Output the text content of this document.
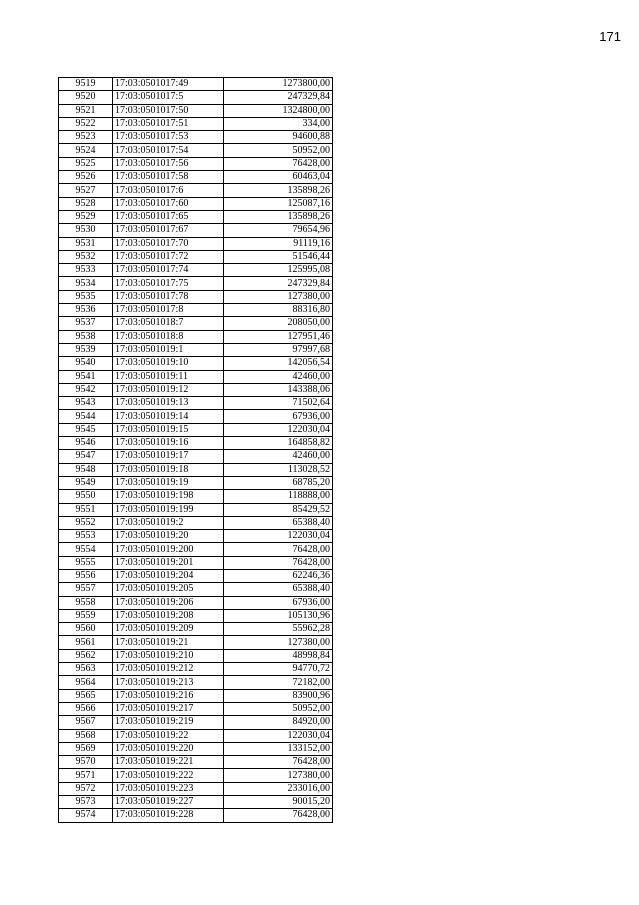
171
9519	17:03:0501017:49	1273800,00
9520	17:03:0501017:5	247329,84
9521	17:03:0501017:50	1324800,00
9522	17:03:0501017:51	334,00
9523	17:03:0501017:53	94600,88
9524	17:03:0501017:54	50952,00
9525	17:03:0501017:56	76428,00
9526	17:03:0501017:58	60463,04
9527	17:03:0501017:6	135898,26
9528	17:03:0501017:60	125087,16
9529	17:03:0501017:65	135898,26
9530	17:03:0501017:67	79654,96
9531	17:03:0501017:70	91119,16
9532	17:03:0501017:72	51546,44
9533	17:03:0501017:74	125995,08
9534	17:03:0501017:75	247329,84
9535	17:03:0501017:78	127380,00
9536	17:03:0501017:8	88316,80
9537	17:03:0501018:7	208050,00
9538	17:03:0501018:8	127951,46
9539	17:03:0501019:1	97997,68
9540	17:03:0501019:10	142056,54
9541	17:03:0501019:11	42460,00
9542	17:03:0501019:12	143388,06
9543	17:03:0501019:13	71502,64
9544	17:03:0501019:14	67936,00
9545	17:03:0501019:15	122030,04
9546	17:03:0501019:16	164858,82
9547	17:03:0501019:17	42460,00
9548	17:03:0501019:18	113028,52
9549	17:03:0501019:19	68785,20
9550	17:03:0501019:198	118888,00
9551	17:03:0501019:199	85429,52
9552	17:03:0501019:2	65388,40
9553	17:03:0501019:20	122030,04
9554	17:03:0501019:200	76428,00
9555	17:03:0501019:201	76428,00
9556	17:03:0501019:204	62246,36
9557	17:03:0501019:205	65388,40
9558	17:03:0501019:206	67936,00
9559	17:03:0501019:208	105130,96
9560	17:03:0501019:209	55962,28
9561	17:03:0501019:21	127380,00
9562	17:03:0501019:210	48998,84
9563	17:03:0501019:212	94770,72
9564	17:03:0501019:213	72182,00
9565	17:03:0501019:216	83900,96
9566	17:03:0501019:217	50952,00
9567	17:03:0501019:219	84920,00
9568	17:03:0501019:22	122030,04
9569	17:03:0501019:220	133152,00
9570	17:03:0501019:221	76428,00
9571	17:03:0501019:222	127380,00
9572	17:03:0501019:223	233016,00
9573	17:03:0501019:227	90015,20
9574	17:03:0501019:228	76428,00
